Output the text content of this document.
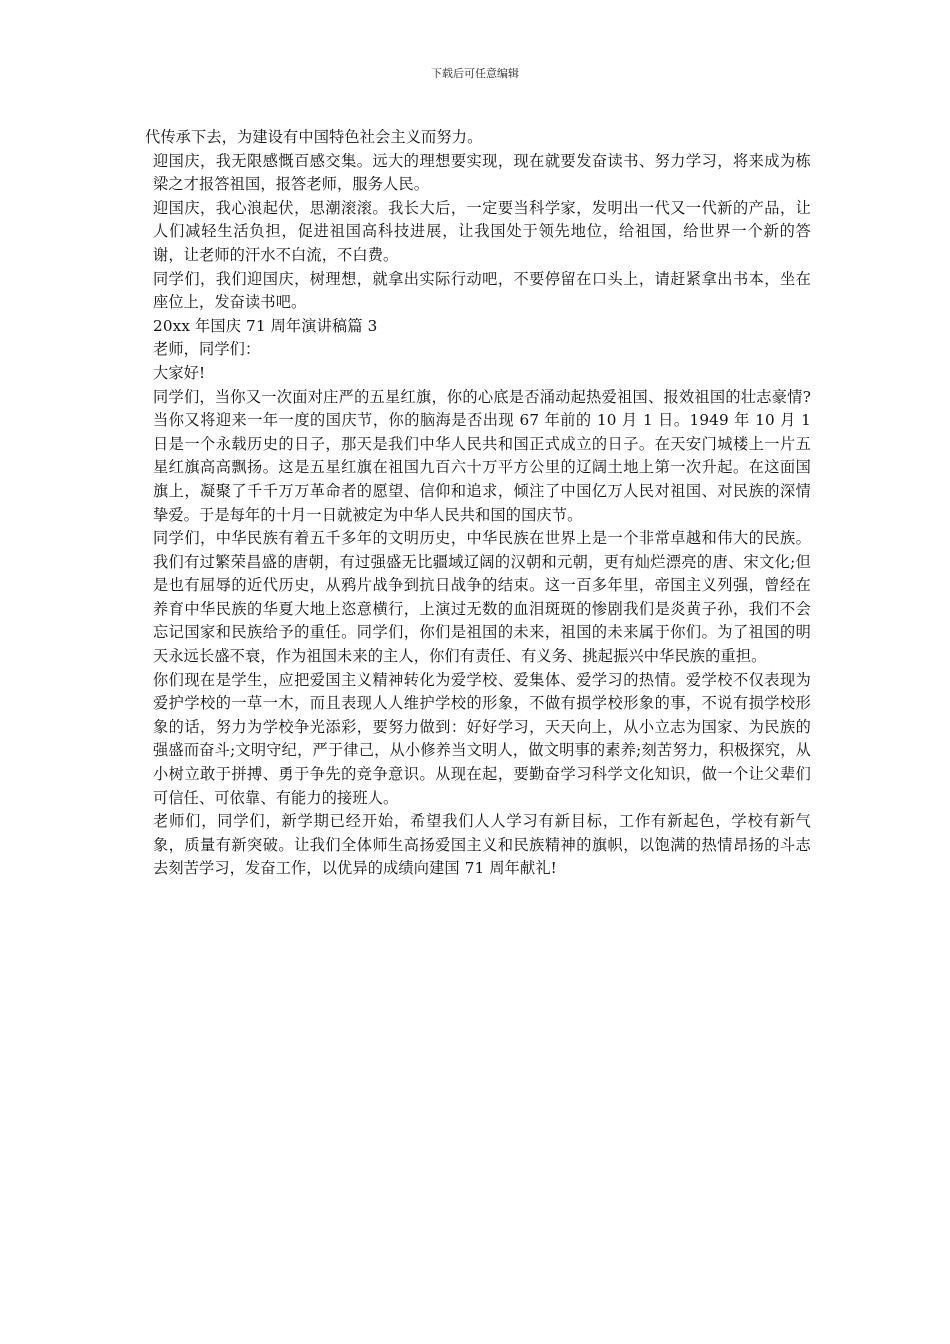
下载后可任意编辑

代传承下去，为建设有中国特色社会主义而努力。

迎国庆，我无限感慨百感交集。远大的理想要实现，现在就要发奋读书、努力学习，将来成为栋梁之才报答祖国，报答老师，服务人民。

迎国庆，我心浪起伏，思潮滚滚。我长大后，一定要当科学家，发明出一代又一代新的产品，让人们减轻生活负担，促进祖国高科技进展，让我国处于领先地位，给祖国，给世界一个新的答谢，让老师的汗水不白流，不白费。

同学们，我们迎国庆，树理想，就拿出实际行动吧，不要停留在口头上，请赶紧拿出书本，坐在座位上，发奋读书吧。

20xx 年国庆 71 周年演讲稿篇 3

老师，同学们：

大家好!

同学们，当你又一次面对庄严的五星红旗，你的心底是否涌动起热爱祖国、报效祖国的壮志豪情?当你又将迎来一年一度的国庆节，你的脑海是否出现 67 年前的 10 月 1 日。1949 年 10 月 1 日是一个永载历史的日子，那天是我们中华人民共和国正式成立的日子。在天安门城楼上一片五星红旗高高飘扬。这是五星红旗在祖国九百六十万平方公里的辽阔土地上第一次升起。在这面国旗上，凝聚了千千万万革命者的愿望、信仰和追求，倾注了中国亿万人民对祖国、对民族的深情挚爱。于是每年的十月一日就被定为中华人民共和国的国庆节。

同学们，中华民族有着五千多年的文明历史，中华民族在世界上是一个非常卓越和伟大的民族。我们有过繁荣昌盛的唐朝，有过强盛无比疆域辽阔的汉朝和元朝，更有灿烂漂亮的唐、宋文化;但是也有屈辱的近代历史，从鸦片战争到抗日战争的结束。这一百多年里，帝国主义列强，曾经在养育中华民族的华夏大地上恣意横行，上演过无数的血泪斑斑的惨剧我们是炎黄子孙，我们不会忘记国家和民族给予的重任。同学们，你们是祖国的未来，祖国的未来属于你们。为了祖国的明天永远长盛不衰，作为祖国未来的主人，你们有责任、有义务、挑起振兴中华民族的重担。

你们现在是学生，应把爱国主义精神转化为爱学校、爱集体、爱学习的热情。爱学校不仅表现为爱护学校的一草一木，而且表现人人维护学校的形象，不做有损学校形象的事，不说有损学校形象的话，努力为学校争光添彩，要努力做到：好好学习，天天向上，从小立志为国家、为民族的强盛而奋斗;文明守纪，严于律己，从小修养当文明人，做文明事的素养;刻苦努力，积极探究，从小树立敢于拼搏、勇于争先的竞争意识。从现在起，要勤奋学习科学文化知识，做一个让父辈们可信任、可依靠、有能力的接班人。

老师们，同学们，新学期已经开始，希望我们人人学习有新目标，工作有新起色，学校有新气象，质量有新突破。让我们全体师生高扬爱国主义和民族精神的旗帜，以饱满的热情昂扬的斗志去刻苦学习，发奋工作，以优异的成绩向建国 71 周年献礼!
